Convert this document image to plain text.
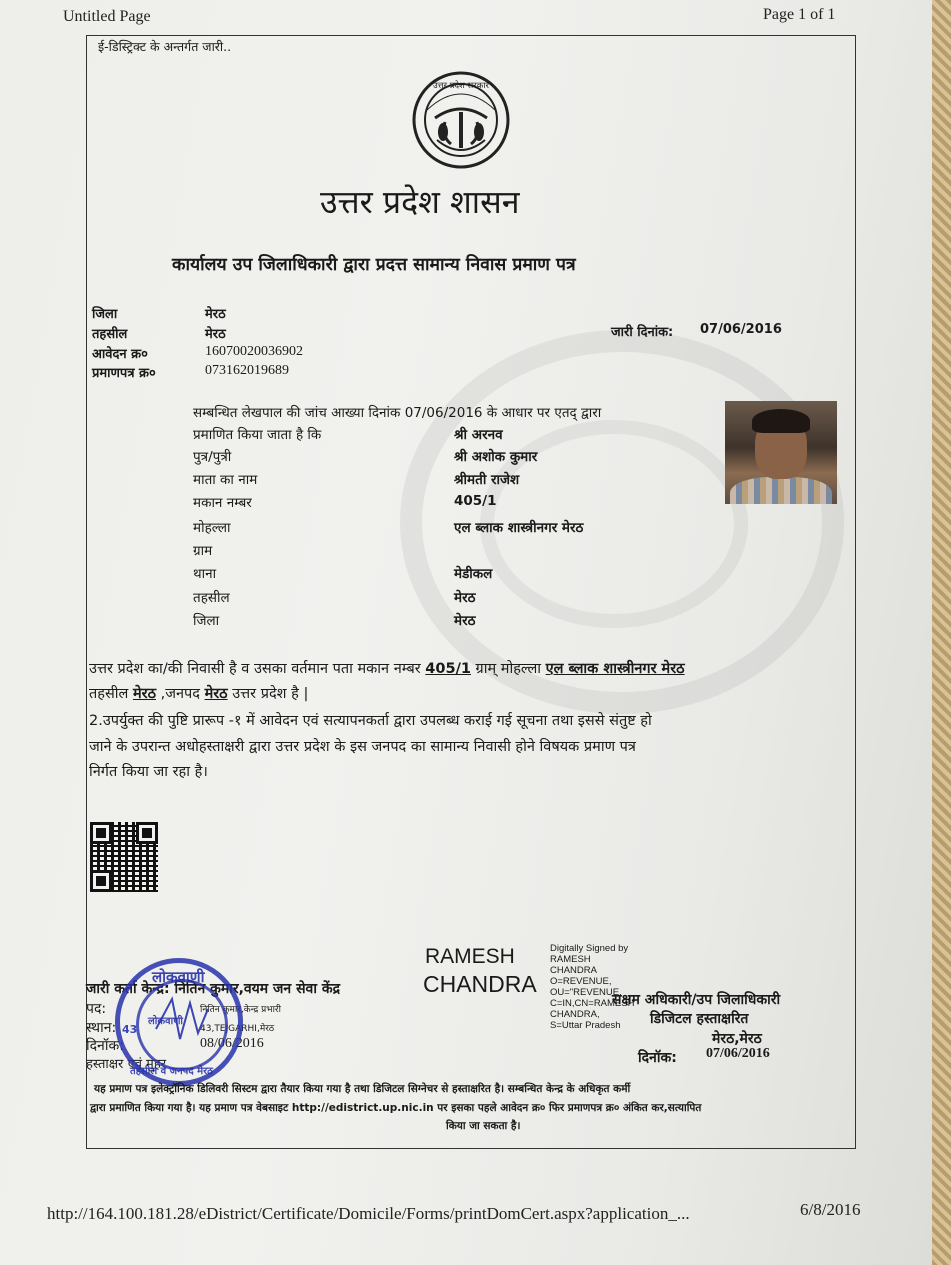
Untitled Page	Page 1 of 1
ई-डिस्ट्रिक्ट के अन्तर्गत जारी..
उत्तर प्रदेश सरकार
उत्तर प्रदेश शासन
कार्यालय उप जिलाधिकारी द्वारा प्रदत्त सामान्य निवास प्रमाण पत्र
जिला	मेरठ
तहसील	मेरठ	जारी दिनांक: 07/06/2016
आवेदन क्र०	16070020036902
प्रमाणपत्र क्र०	073162019689
सम्बन्धित लेखपाल की जांच आख्या दिनांक 07/06/2016 के आधार पर एतद् द्वारा
प्रमाणित किया जाता है कि	श्री अरनव
पुत्र/पुत्री	श्री अशोक कुमार
माता का नाम	श्रीमती राजेश
मकान नम्बर	405/1
मोहल्ला	एल ब्लाक शास्त्रीनगर मेरठ
ग्राम
थाना	मेडीकल
तहसील	मेरठ
जिला	मेरठ
उत्तर प्रदेश का/की निवासी है व उसका वर्तमान पता मकान नम्बर 405/1 ग्राम् मोहल्ला एल ब्लाक शास्त्रीनगर मेरठ
तहसील मेरठ ,जनपद मेरठ उत्तर प्रदेश है |
2.उपर्युक्त की पुष्टि प्रारूप -१ में आवेदन एवं सत्यापनकर्ता द्वारा उपलब्ध कराई गई सूचना तथा इससे संतुष्ट हो
जाने के उपरान्त अधोहस्ताक्षरी द्वारा उत्तर प्रदेश के इस जनपद का सामान्य निवासी होने विषयक प्रमाण पत्र
निर्गत किया जा रहा है।
RAMESH
CHANDRA
Digitally Signed by
RAMESH
CHANDRA
O=REVENUE,
OU="REVENUE,
C=IN,CN=RAMESH
CHANDRA,
S=Uttar Pradesh
सक्षम अधिकारी/उप जिलाधिकारी
डिजिटल हस्ताक्षरित
मेरठ,मेरठ
दिनॉक: 07/06/2016
जारी कर्ता केन्द्र: नितिन कुमार,वयम जन सेवा केंद्र
पद:	नितिन कुमार,केन्द्र प्रभारी
स्थान:	43,TEJGARHI,मेरठ
दिनॉक:	08/06/2016
हस्ताक्षर एवं मुहर
लोकवाणी
लोकवाणी
तहसील व जनपद मेरठ
43
यह प्रमाण पत्र इलेक्ट्रॉनिक डिलिवरी सिस्टम द्वारा तैयार किया गया है तथा डिजिटल सिग्नेचर से हस्ताक्षरित है। सम्बन्धित केन्द्र के अधिकृत कर्मी
द्वारा प्रमाणित किया गया है। यह प्रमाण पत्र वेबसाइट http://edistrict.up.nic.in पर इसका पहले आवेदन क्र० फिर प्रमाणपत्र क्र० अंकित कर,सत्यापित
किया जा सकता है।
http://164.100.181.28/eDistrict/Certificate/Domicile/Forms/printDomCert.aspx?application_...	6/8/2016
